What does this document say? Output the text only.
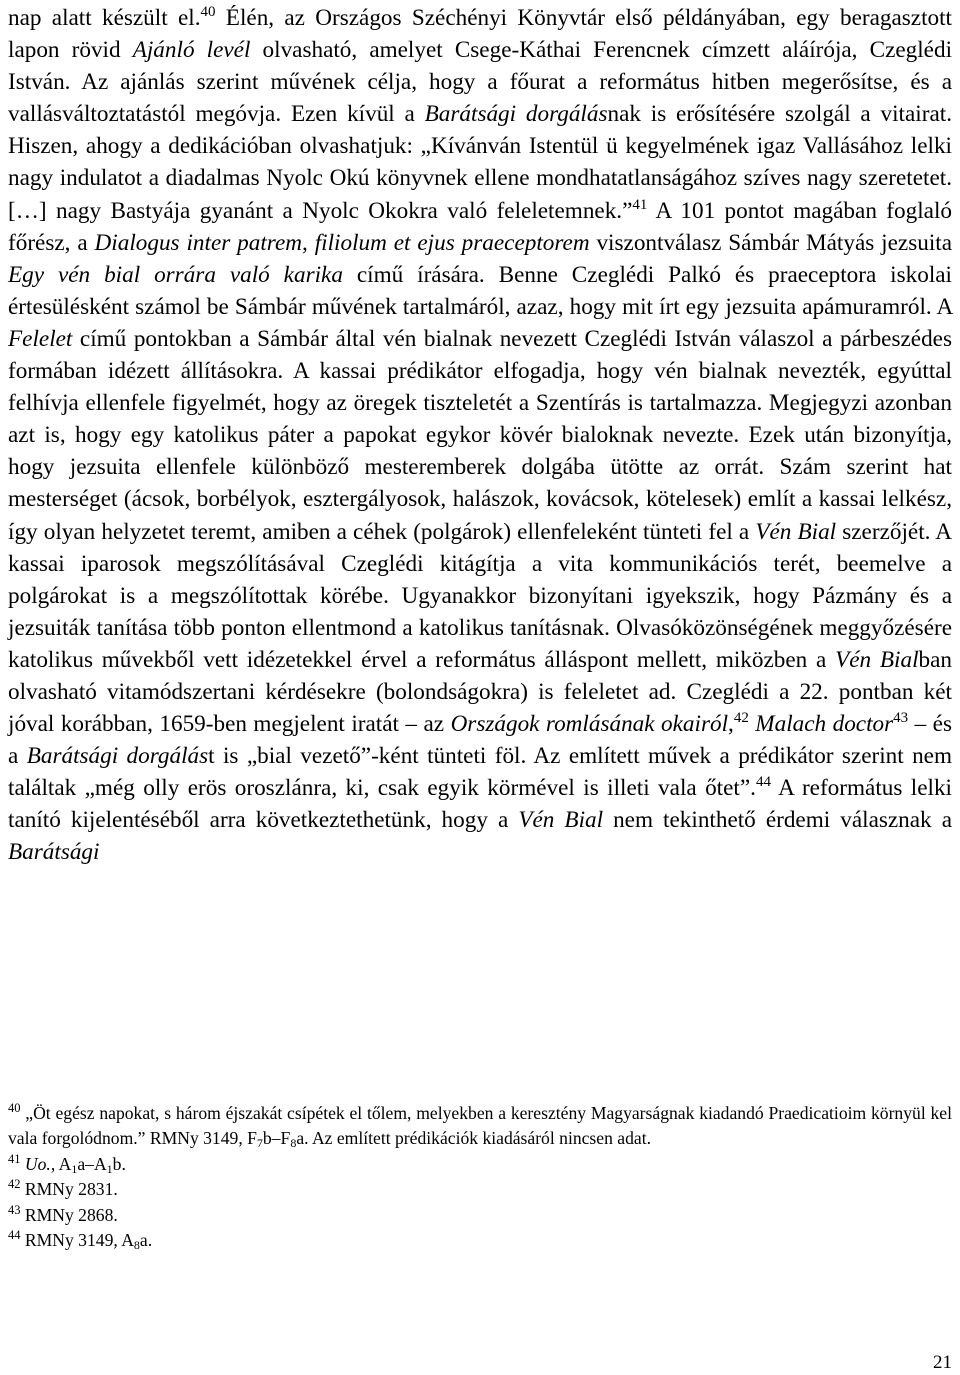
nap alatt készült el.$^{40}$ Élén, az Országos Széchényi Könyvtár első példányában, egy beragasztott lapon rövid Ajánló levél olvasható, amelyet Csege-Káthai Ferencnek címzett aláírója, Czeglédi István. Az ajánlás szerint művének célja, hogy a főurat a református hitben megerősítse, és a vallásváltoztatástól megóvja. Ezen kívül a Barátsági dorgálásnak is erősítésére szolgál a vitairat. Hiszen, ahogy a dedikációban olvashatjuk: „Kívánván Istentül ü kegyelmének igaz Vallásához lelki nagy indulatot a diadalmas Nyolc Okú könyvnek ellene mondhatatlanságához szíves nagy szeretetet. […] nagy Bastyája gyanánt a Nyolc Okokra való feleletemnek.”$^{41}$ A 101 pontot magában foglaló főrész, a Dialogus inter patrem, filiolum et ejus praeceptorem viszontválasz Sámbár Mátyás jezsuita Egy vén bial orrára való karika című írására. Benne Czeglédi Palkó és praeceptora iskolai értesülésként számol be Sámbár művének tartalmáról, azaz, hogy mit írt egy jezsuita apámuramról. A Felelet című pontokban a Sámbár által vén bialnak nevezett Czeglédi István válaszol a párbeszédes formában idézett állításokra. A kassai prédikátor elfogadja, hogy vén bialnak nevezték, egyúttal felhívja ellenfele figyelmét, hogy az öregek tiszteletét a Szentírás is tartalmazza. Megjegyzi azonban azt is, hogy egy katolikus páter a papokat egykor kövér bialoknak nevezte. Ezek után bizonyítja, hogy jezsuita ellenfele különböző mesteremberek dolgába ütötte az orrát. Szám szerint hat mesterséget (ácsok, borbélyok, esztergályosok, halászok, kovácsok, kötelesek) említ a kassai lelkész, így olyan helyzetet teremt, amiben a céhek (polgárok) ellenfeleként tünteti fel a Vén Bial szerzőjét. A kassai iparosok megszólításával Czeglédi kitágítja a vita kommunikációs terét, beemelve a polgárokat is a megszólítottak körébe. Ugyanakkor bizonyítani igyekszik, hogy Pázmány és a jezsuiták tanítása több ponton ellentmond a katolikus tanításnak. Olvasóközönségének meggyőzésére katolikus művekből vett idézetekkel érvel a református álláspont mellett, miközben a Vén Bialban olvasható vitamódszertani kérdésekre (bolondságokra) is feleletet ad. Czeglédi a 22. pontban két jóval korábban, 1659-ben megjelent iratát – az Országok romlásának okairól,$^{42}$ Malach doctor$^{43}$ – és a Barátsági dorgálást is „bial vezető”-ként tünteti föl. Az említett művek a prédikátor szerint nem találtak „még olly erös oroszlánra, ki, csak egyik körmével is illeti vala őtet”.$^{44}$ A református lelki tanító kijelentéséből arra következtethetünk, hogy a Vén Bial nem tekinthető érdemi válasznak a Barátsági

$^{40}$ „Öt egész napokat, s három éjszakát csípétek el tőlem, melyekben a keresztény Magyarságnak kiadandó Praedicatioim környül kel vala forgolódnom.” RMNy 3149, $F_7b-F_8a$. Az említett prédikációk kiadásáról nincsen adat.

$^{41}$ Uo., $A_1a-A_1b$.

$^{42}$ RMNy 2831.

$^{43}$ RMNy 2868.

$^{44}$ RMNy 3149, $A_8a$.

21
